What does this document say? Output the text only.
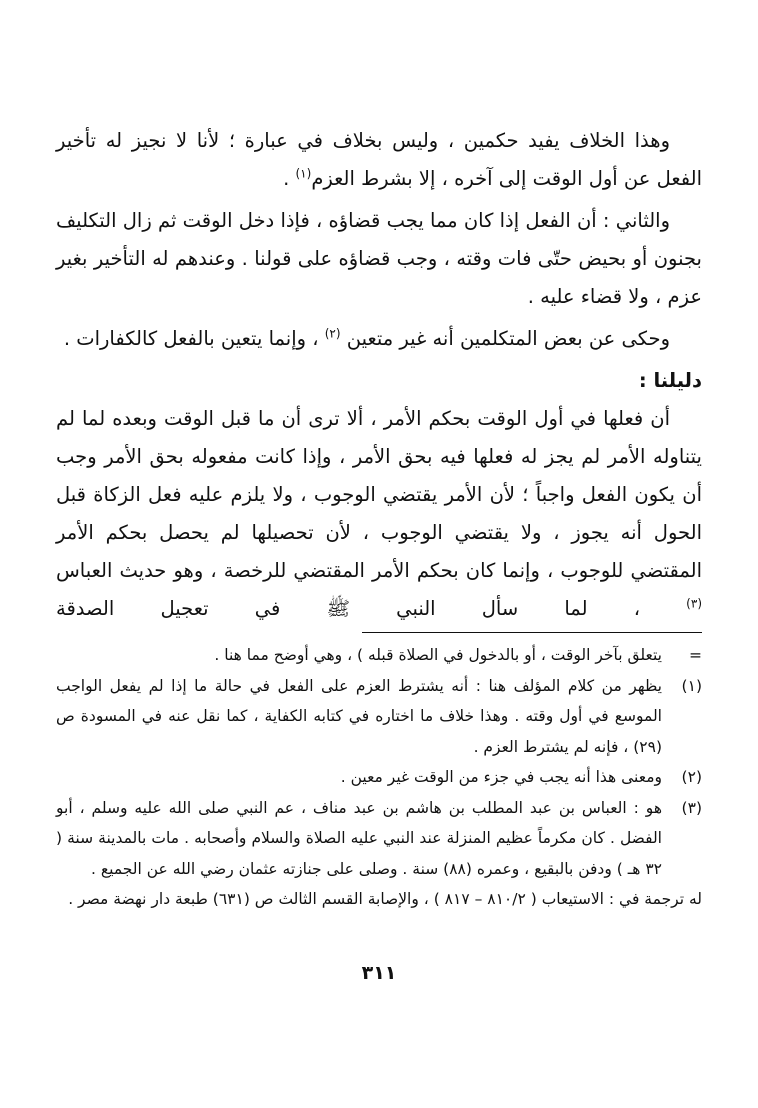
وهذا الخلاف يفيد حكمين ، وليس بخلاف في عبارة ؛ لأنا لا نجيز له تأخير الفعل عن أول الوقت إلى آخره ، إلا بشرط العزم$^{(١)}$ .

والثاني : أن الفعل إذا كان مما يجب قضاؤه ، فإذا دخل الوقت ثم زال التكليف بجنون أو بحيض حتّى فات وقته ، وجب قضاؤه على قولنا . وعندهم له التأخير بغير عزم ، ولا قضاء عليه .

وحكى عن بعض المتكلمين أنه غير متعين $^{(٢)}$ ، وإنما يتعين بالفعل كالكفارات .

دليلنا :

أن فعلها في أول الوقت بحكم الأمر ، ألا ترى أن ما قبل الوقت وبعده لما لم يتناوله الأمر لم يجز له فعلها فيه بحق الأمر ، وإذا كانت مفعوله بحق الأمر وجب أن يكون الفعل واجباً ؛ لأن الأمر يقتضي الوجوب ، ولا يلزم عليه فعل الزكاة قبل الحول أنه يجوز ، ولا يقتضي الوجوب ، لأن تحصيلها لم يحصل بحكم الأمر المقتضي للوجوب ، وإنما كان بحكم الأمر المقتضي للرخصة ، وهو حديث العباس $^{(٣)}$ ، لما سأل النبي ﷺ في تعجيل الصدقة

=
يتعلق بآخر الوقت ، أو بالدخول في الصلاة قبله ) ، وهي أوضح مما هنا .
(١)
يظهر من كلام المؤلف هنا : أنه يشترط العزم على الفعل في حالة ما إذا لم يفعل الواجب الموسع في أول وقته . وهذا خلاف ما اختاره في كتابه الكفاية ، كما نقل عنه في المسودة ص (٢٩) ، فإنه لم يشترط العزم .
(٢)
ومعنى هذا أنه يجب في جزء من الوقت غير معين .
(٣)
هو : العباس بن عبد المطلب بن هاشم بن عبد مناف ، عم النبي صلى الله عليه وسلم ، أبو الفضل . كان مكرماً عظيم المنزلة عند النبي عليه الصلاة والسلام وأصحابه . مات بالمدينة سنة ( ٣٢ هـ ) ودفن بالبقيع ، وعمره (٨٨) سنة . وصلى على جنازته عثمان رضي الله عن الجميع .
له ترجمة في : الاستيعاب ( ٨١٠/٢ – ٨١٧ ) ، والإصابة القسم الثالث ص (٦٣١) طبعة دار نهضة مصر .
٣١١
